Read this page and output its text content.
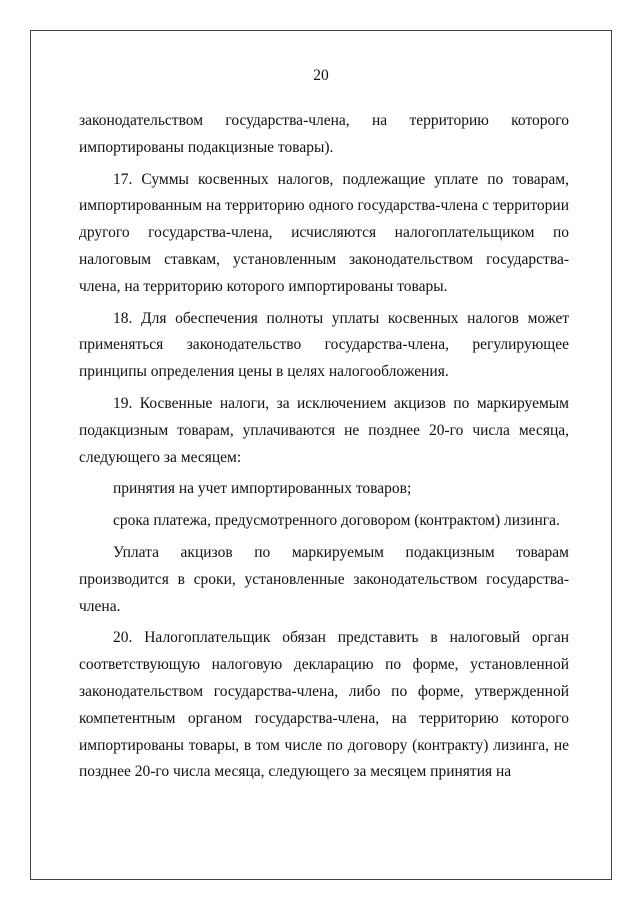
20

законодательством государства-члена, на территорию которого импортированы подакцизные товары).

17. Суммы косвенных налогов, подлежащие уплате по товарам, импортированным на территорию одного государства-члена с территории другого государства-члена, исчисляются налогоплательщиком по налоговым ставкам, установленным законодательством государства-члена, на территорию которого импортированы товары.

18. Для обеспечения полноты уплаты косвенных налогов может применяться законодательство государства-члена, регулирующее принципы определения цены в целях налогообложения.

19. Косвенные налоги, за исключением акцизов по маркируемым подакцизным товарам, уплачиваются не позднее 20-го числа месяца, следующего за месяцем:

принятия на учет импортированных товаров;

срока платежа, предусмотренного договором (контрактом) лизинга.

Уплата акцизов по маркируемым подакцизным товарам производится в сроки, установленные законодательством государства-члена.

20. Налогоплательщик обязан представить в налоговый орган соответствующую налоговую декларацию по форме, установленной законодательством государства-члена, либо по форме, утвержденной компетентным органом государства-члена, на территорию которого импортированы товары, в том числе по договору (контракту) лизинга, не позднее 20-го числа месяца, следующего за месяцем принятия на
